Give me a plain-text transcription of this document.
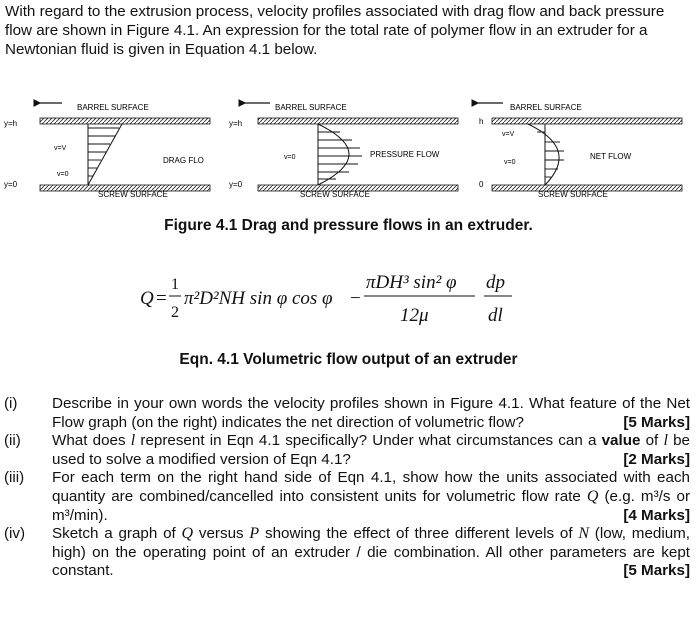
With regard to the extrusion process, velocity profiles associated with drag flow and back pressure flow are shown in Figure 4.1. An expression for the total rate of polymer flow in an extruder for a Newtonian fluid is given in Equation 4.1 below.
BARREL SURFACE
y=h
y=0
v=V
v=0
DRAG FLO
SCREW SURFACE
BARREL SURFACE
y=h
y=0
v=0	PRESSURE FLOW
SCREW SURFACE
BARREL SURFACE
h
0
v=V
v=0
NET FLOW
SCREW SURFACE
Figure 4.1 Drag and pressure flows in an extruder.
Q =
1
2
π²D²NH sin φ cos φ −
πDH³ sin² φ
12μ
dp
dl
Eqn. 4.1 Volumetric flow output of an extruder
(i)	Describe in your own words the velocity profiles shown in Figure 4.1. What feature of the Net Flow graph (on the right) indicates the net direction of volumetric flow?	[5 Marks]
(ii)	What does l represent in Eqn 4.1 specifically? Under what circumstances can a value of l be used to solve a modified version of Eqn 4.1?	[2 Marks]
(iii)	For each term on the right hand side of Eqn 4.1, show how the units associated with each quantity are combined/cancelled into consistent units for volumetric flow rate Q (e.g. m³/s or m³/min).	[4 Marks]
(iv)	Sketch a graph of Q versus P showing the effect of three different levels of N (low, medium, high) on the operating point of an extruder / die combination. All other parameters are kept constant.	[5 Marks]
